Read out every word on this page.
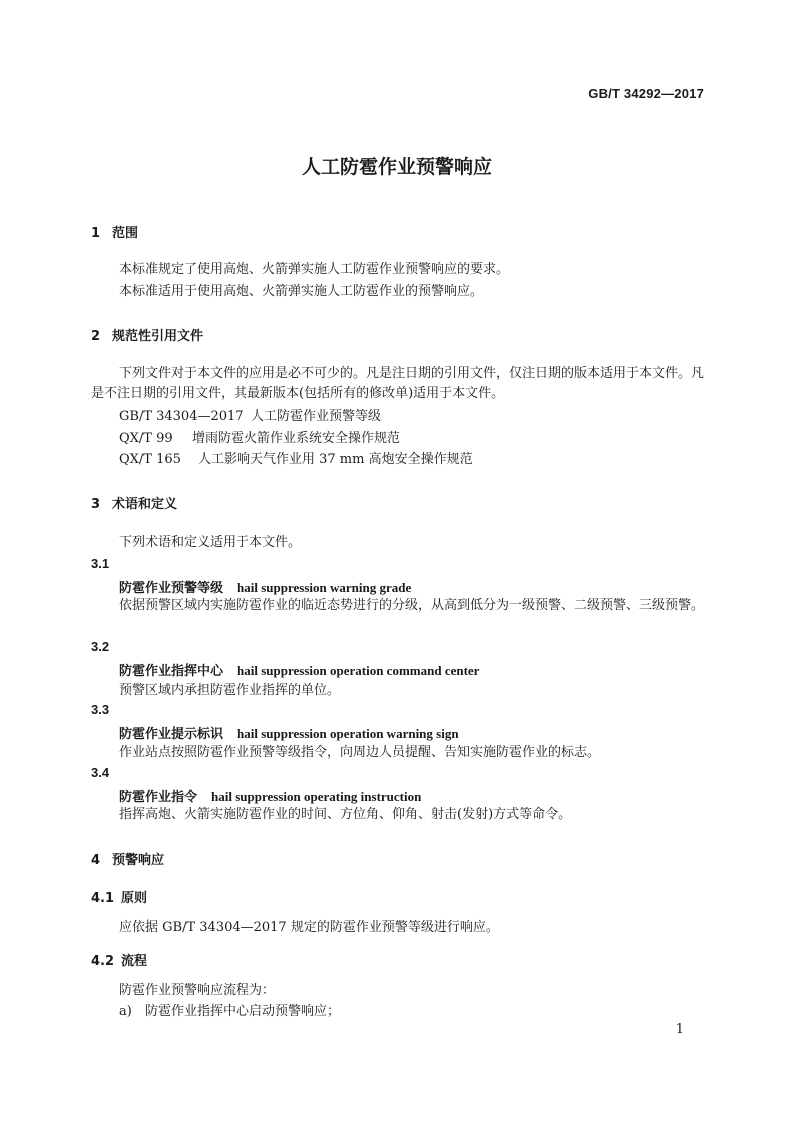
GB/T 34292—2017
人工防雹作业预警响应
1 范围
本标准规定了使用高炮、火箭弹实施人工防雹作业预警响应的要求。
本标准适用于使用高炮、火箭弹实施人工防雹作业的预警响应。
2 规范性引用文件
下列文件对于本文件的应用是必不可少的。凡是注日期的引用文件，仅注日期的版本适用于本文件。凡是不注日期的引用文件，其最新版本(包括所有的修改单)适用于本文件。
GB/T 34304—2017 人工防雹作业预警等级
QX/T 99 增雨防雹火箭作业系统安全操作规范
QX/T 165 人工影响天气作业用 37 mm 高炮安全操作规范
3 术语和定义
下列术语和定义适用于本文件。
3.1
防雹作业预警等级 hail suppression warning grade
依据预警区域内实施防雹作业的临近态势进行的分级，从高到低分为一级预警、二级预警、三级预警。
3.2
防雹作业指挥中心 hail suppression operation command center
预警区域内承担防雹作业指挥的单位。
3.3
防雹作业提示标识 hail suppression operation warning sign
作业站点按照防雹作业预警等级指令，向周边人员提醒、告知实施防雹作业的标志。
3.4
防雹作业指令 hail suppression operating instruction
指挥高炮、火箭实施防雹作业的时间、方位角、仰角、射击(发射)方式等命令。
4 预警响应
4.1 原则
应依据 GB/T 34304—2017 规定的防雹作业预警等级进行响应。
4.2 流程
防雹作业预警响应流程为：
a) 防雹作业指挥中心启动预警响应；
1
